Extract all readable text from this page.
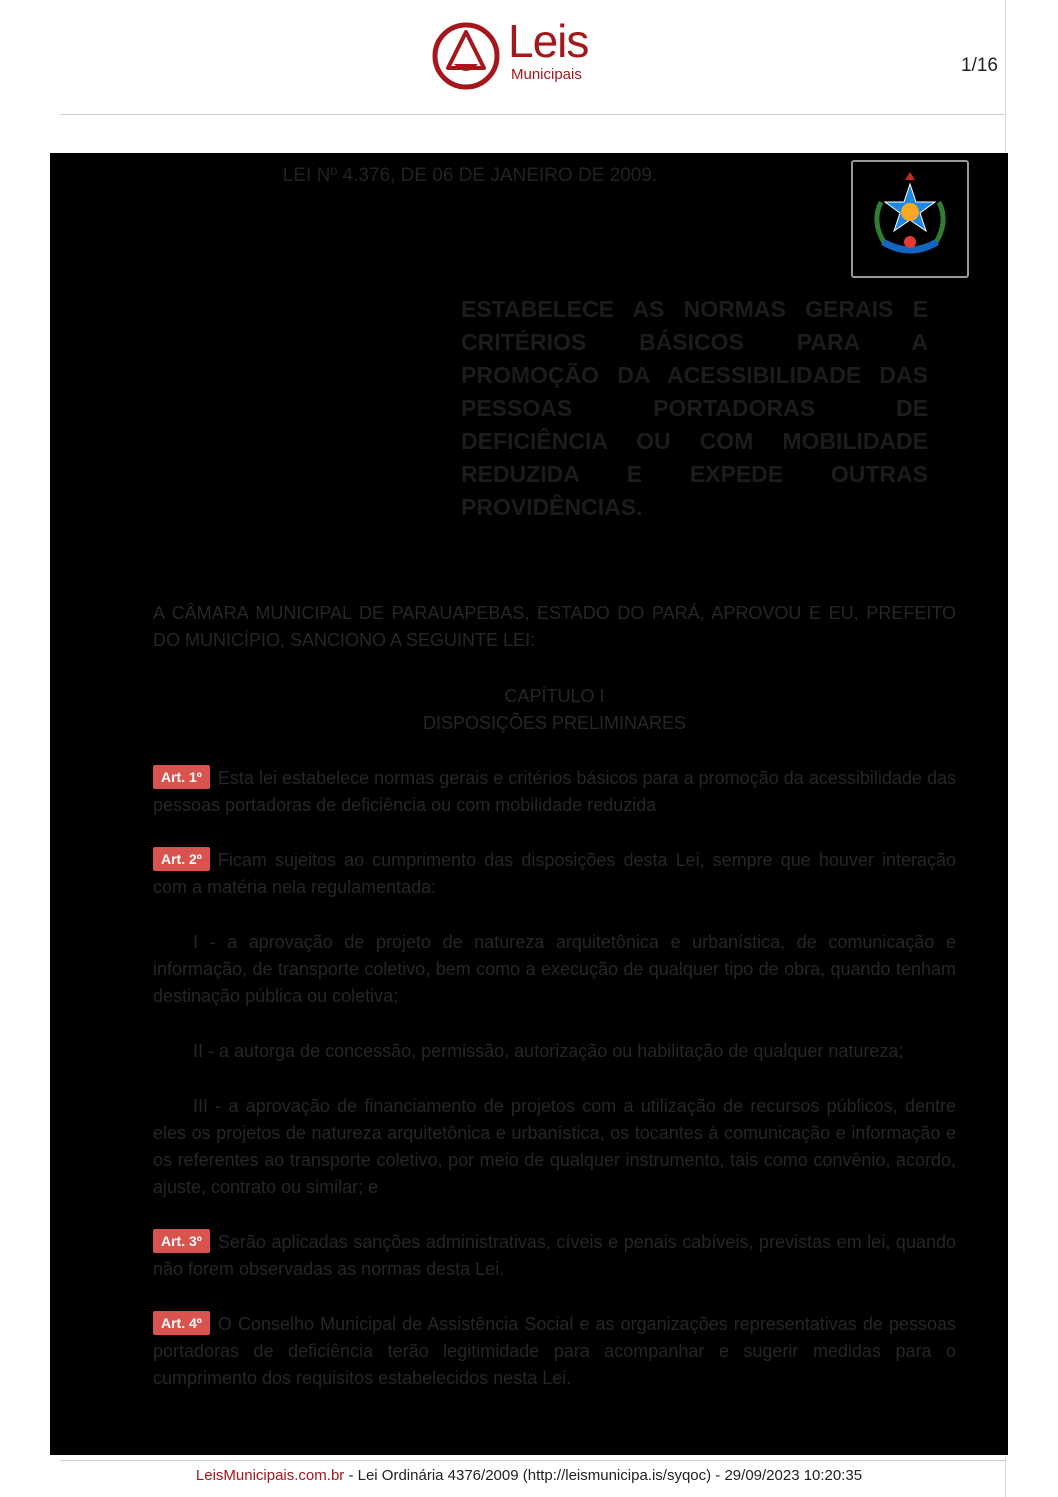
Leis
Municipais	1/16
LEI Nº 4.376, DE 06 DE JANEIRO DE 2009.
ESTABELECE AS NORMAS GERAIS E CRITÉRIOS BÁSICOS PARA A PROMOÇÃO DA ACESSIBILIDADE DAS PESSOAS PORTADORAS DE DEFICIÊNCIA OU COM MOBILIDADE REDUZIDA E EXPEDE OUTRAS PROVIDÊNCIAS.
A CÂMARA MUNICIPAL DE PARAUAPEBAS, ESTADO DO PARÁ, APROVOU E EU, PREFEITO DO MUNICÍPIO, SANCIONO A SEGUINTE LEI:
CAPÍTULO I
DISPOSIÇÕES PRELIMINARES
Art. 1º Esta lei estabelece normas gerais e critérios básicos para a promoção da acessibilidade das pessoas portadoras de deficiência ou com mobilidade reduzida
Art. 2º Ficam sujeitos ao cumprimento das disposições desta Lei, sempre que houver interação com a matéria nela regulamentada:
I - a aprovação de projeto de natureza arquitetônica e urbanística, de comunicação e informação, de transporte coletivo, bem como a execução de qualquer tipo de obra, quando tenham destinação pública ou coletiva;
II - a autorga de concessão, permissão, autorização ou habilitação de qualquer natureza;
III - a aprovação de financiamento de projetos com a utilização de recursos públicos, dentre eles os projetos de natureza arquitetônica e urbanística, os tocantes à comunicação e informação e os referentes ao transporte coletivo, por meio de qualquer instrumento, tais como convênio, acordo, ajuste, contrato ou similar; e
Art. 3º Serão aplicadas sanções administrativas, cíveis e penais cabíveis, previstas em lei, quando não forem observadas as normas desta Lei.
Art. 4º O Conselho Municipal de Assistência Social e as organizações representativas de pessoas portadoras de deficiência terão legitimidade para acompanhar e sugerir medidas para o cumprimento dos requisitos estabelecidos nesta Lei.
LeisMunicipais.com.br - Lei Ordinária 4376/2009 (http://leismunicipa.is/syqoc) - 29/09/2023 10:20:35
